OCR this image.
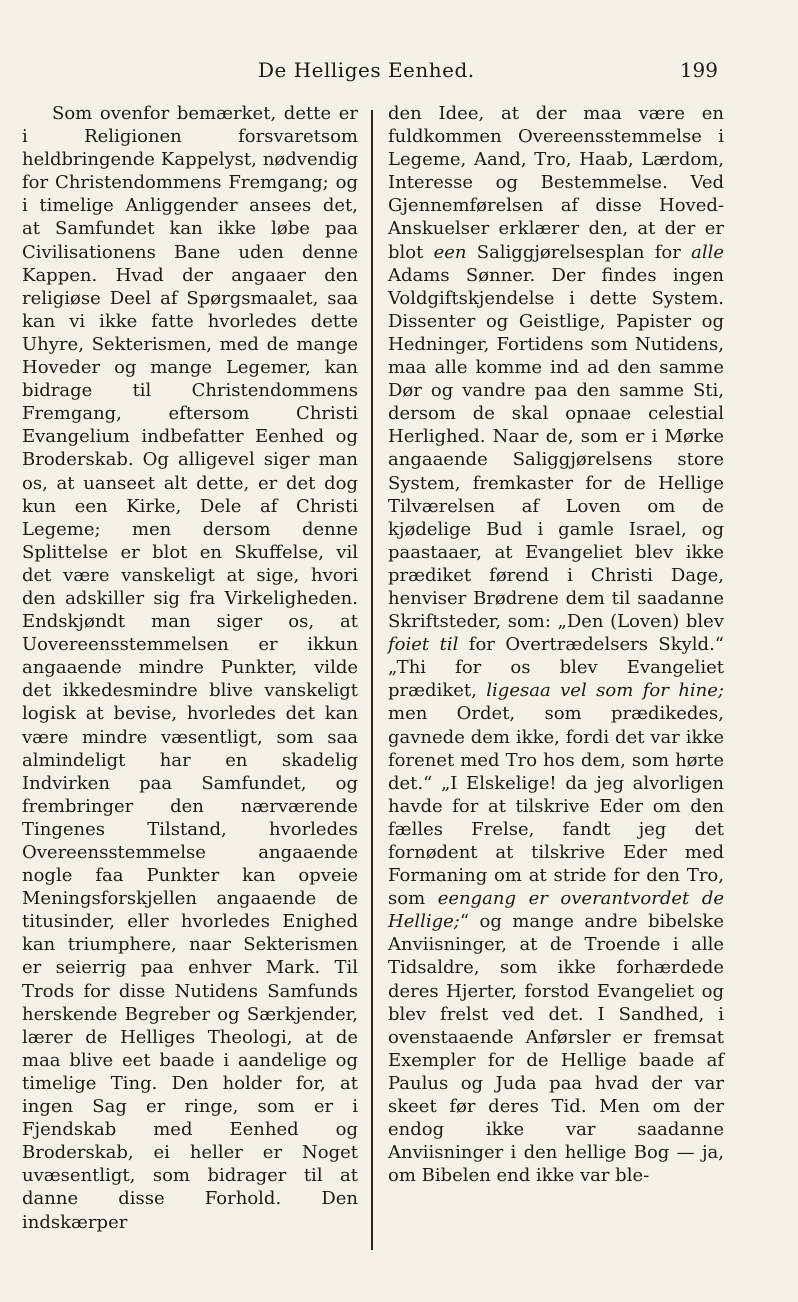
De Helliges Eenhed.	199

Som ovenfor bemærket, dette er i Religionen forsvaretsom heldbringende Kappelyst, nødvendig for Christendommens Fremgang; og i timelige Anliggender ansees det, at Samfundet kan ikke løbe paa Civilisationens Bane uden denne Kappen. Hvad der angaaer den religiøse Deel af Spørgsmaalet, saa kan vi ikke fatte hvorledes dette Uhyre, Sekterismen, med de mange Hoveder og mange Legemer, kan bidrage til Christendommens Fremgang, eftersom Christi Evangelium indbefatter Eenhed og Broderskab. Og alligevel siger man os, at uanseet alt dette, er det dog kun een Kirke, Dele af Christi Legeme; men dersom denne Splittelse er blot en Skuffelse, vil det være vanskeligt at sige, hvori den adskiller sig fra Virkeligheden. Endskjøndt man siger os, at Uovereensstemmelsen er ikkun angaaende mindre Punkter, vilde det ikkedesmindre blive vanskeligt logisk at bevise, hvorledes det kan være mindre væsentligt, som saa almindeligt har en skadelig Indvirken paa Samfundet, og frembringer den nærværende Tingenes Tilstand, hvorledes Overeensstemmelse angaaende nogle faa Punkter kan opveie Meningsforskjellen angaaende de titusinder, eller hvorledes Enighed kan triumphere, naar Sekterismen er seierrig paa enhver Mark. Til Trods for disse Nutidens Samfunds herskende Begreber og Særkjender, lærer de Helliges Theologi, at de maa blive eet baade i aandelige og timelige Ting. Den holder for, at ingen Sag er ringe, som er i Fjendskab med Eenhed og Broderskab, ei heller er Noget uvæsentligt, som bidrager til at danne disse Forhold. Den indskærper

den Idee, at der maa være en fuldkommen Overeensstemmelse i Legeme, Aand, Tro, Haab, Lærdom, Interesse og Bestemmelse. Ved Gjennemførelsen af disse Hoved-Anskuelser erklærer den, at der er blot een Saliggjørelsesplan for alle Adams Sønner. Der findes ingen Voldgiftskjendelse i dette System. Dissenter og Geistlige, Papister og Hedninger, Fortidens som Nutidens, maa alle komme ind ad den samme Dør og vandre paa den samme Sti, dersom de skal opnaae celestial Herlighed. Naar de, som er i Mørke angaaende Saliggjørelsens store System, fremkaster for de Hellige Tilværelsen af Loven om de kjødelige Bud i gamle Israel, og paastaaer, at Evangeliet blev ikke prædiket førend i Christi Dage, henviser Brødrene dem til saadanne Skriftsteder, som: „Den (Loven) blev foiet til for Overtrædelsers Skyld.“ „Thi for os blev Evangeliet prædiket, ligesaa vel som for hine; men Ordet, som prædikedes, gavnede dem ikke, fordi det var ikke forenet med Tro hos dem, som hørte det.“ „I Elskelige! da jeg alvorligen havde for at tilskrive Eder om den fælles Frelse, fandt jeg det fornødent at tilskrive Eder med Formaning om at stride for den Tro, som eengang er overantvordet de Hellige;“ og mange andre bibelske Anviisninger, at de Troende i alle Tidsaldre, som ikke forhærdede deres Hjerter, forstod Evangeliet og blev frelst ved det. I Sandhed, i ovenstaaende Anførsler er fremsat Exempler for de Hellige baade af Paulus og Juda paa hvad der var skeet før deres Tid. Men om der endog ikke var saadanne Anviisninger i den hellige Bog — ja, om Bibelen end ikke var ble-
